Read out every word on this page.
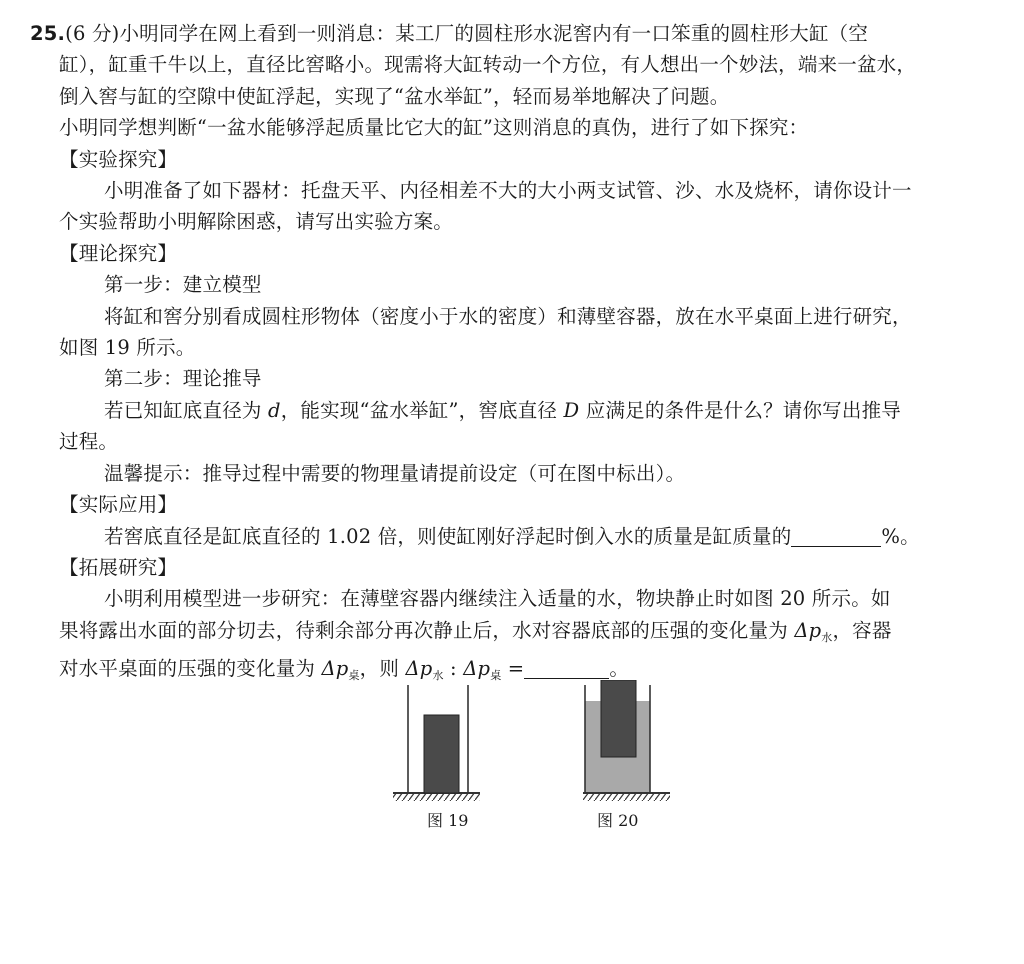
25.(6 分)小明同学在网上看到一则消息：某工厂的圆柱形水泥窖内有一口笨重的圆柱形大缸（空
缸），缸重千牛以上，直径比窖略小。现需将大缸转动一个方位，有人想出一个妙法，端来一盆水，
倒入窖与缸的空隙中使缸浮起，实现了“盆水举缸”，轻而易举地解决了问题。
小明同学想判断“一盆水能够浮起质量比它大的缸”这则消息的真伪，进行了如下探究：
【实验探究】
小明准备了如下器材：托盘天平、内径相差不大的大小两支试管、沙、水及烧杯，请你设计一
个实验帮助小明解除困惑，请写出实验方案。
【理论探究】
第一步：建立模型
将缸和窖分别看成圆柱形物体（密度小于水的密度）和薄壁容器，放在水平桌面上进行研究，
如图 19 所示。
第二步：理论推导
若已知缸底直径为 d，能实现“盆水举缸”，窖底直径 D 应满足的条件是什么？请你写出推导
过程。
温馨提示：推导过程中需要的物理量请提前设定（可在图中标出）。
【实际应用】
若窖底直径是缸底直径的 1.02 倍，则使缸刚好浮起时倒入水的质量是缸质量的	%。
【拓展研究】
小明利用模型进一步研究：在薄壁容器内继续注入适量的水，物块静止时如图 20 所示。如
果将露出水面的部分切去，待剩余部分再次静止后，水对容器底部的压强的变化量为 $\Delta p_水$，容器
对水平桌面的压强的变化量为 $\Delta p_桌$，则 $\Delta p_水$ : $\Delta p_桌$ =	。
图 19	图 20
